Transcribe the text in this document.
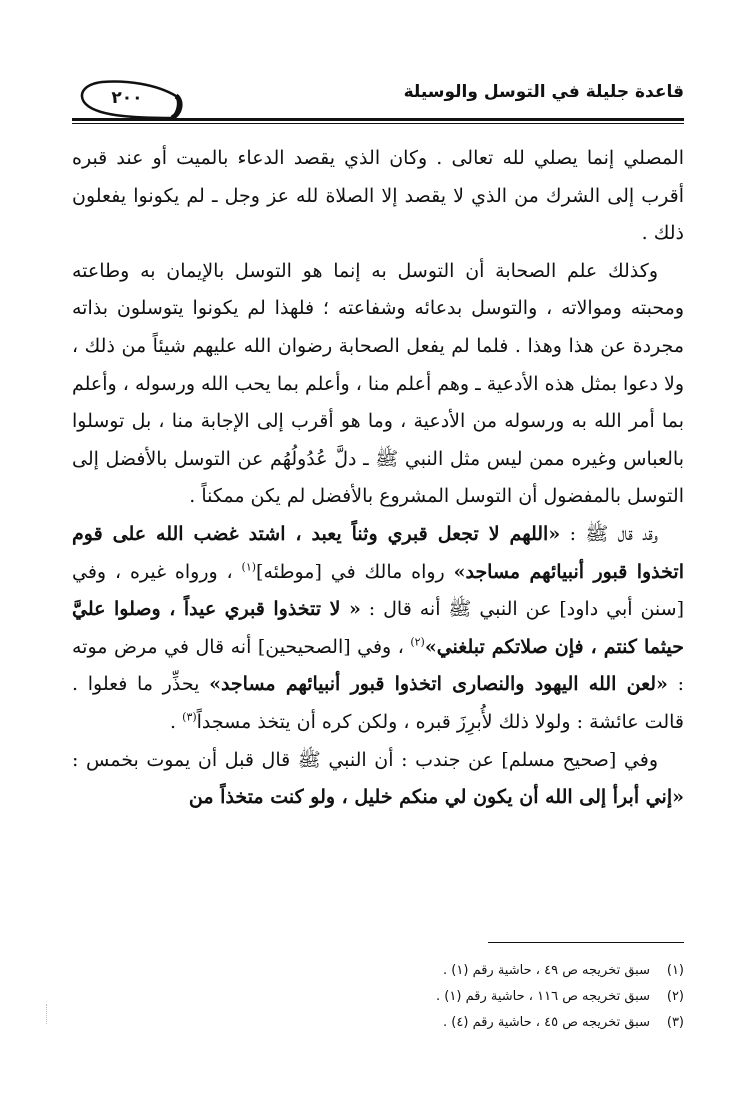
٢٠٠	قاعدة جليلة في التوسل والوسيلة

المصلي إنما يصلي لله تعالى . وكان الذي يقصد الدعاء بالميت أو عند قبره أقرب إلى الشرك من الذي لا يقصد إلا الصلاة لله عز وجل ـ لم يكونوا يفعلون ذلك .

وكذلك علم الصحابة أن التوسل به إنما هو التوسل بالإيمان به وطاعته ومحبته وموالاته ، والتوسل بدعائه وشفاعته ؛ فلهذا لم يكونوا يتوسلون بذاته مجردة عن هذا وهذا . فلما لم يفعل الصحابة رضوان الله عليهم شيئاً من ذلك ، ولا دعوا بمثل هذه الأدعية ـ وهم أعلم منا ، وأعلم بما يحب الله ورسوله ، وأعلم بما أمر الله به ورسوله من الأدعية ، وما هو أقرب إلى الإجابة منا ، بل توسلوا بالعباس وغيره ممن ليس مثل النبي ﷺ ـ دلَّ عُدُولُهُم عن التوسل بالأفضل إلى التوسل بالمفضول أن التوسل المشروع بالأفضل لم يكن ممكناً .

وقد قال ﷺ : «اللهم لا تجعل قبري وثناً يعبد ، اشتد غضب الله على قوم اتخذوا قبور أنبيائهم مساجد» رواه مالك في [موطئه]$^{(١)}$ ، ورواه غيره ، وفي [سنن أبي داود] عن النبي ﷺ أنه قال : « لا تتخذوا قبري عيداً ، وصلوا عليَّ حيثما كنتم ، فإن صلاتكم تبلغني»$^{(٢)}$ ، وفي [الصحيحين] أنه قال في مرض موته : «لعن الله اليهود والنصارى اتخذوا قبور أنبيائهم مساجد» يحذِّر ما فعلوا . قالت عائشة : ولولا ذلك لأُبرِزَ قبره ، ولكن كره أن يتخذ مسجداً$^{(٣)}$ .

وفي [صحيح مسلم] عن جندب : أن النبي ﷺ قال قبل أن يموت بخمس : «إني أبرأ إلى الله أن يكون لي منكم خليل ، ولو كنت متخذاً من

(١)سبق تخريجه ص ٤٩ ، حاشية رقم (١) .
(٢)سبق تخريجه ص ١١٦ ، حاشية رقم (١) .
(٣)سبق تخريجه ص ٤٥ ، حاشية رقم (٤) .
